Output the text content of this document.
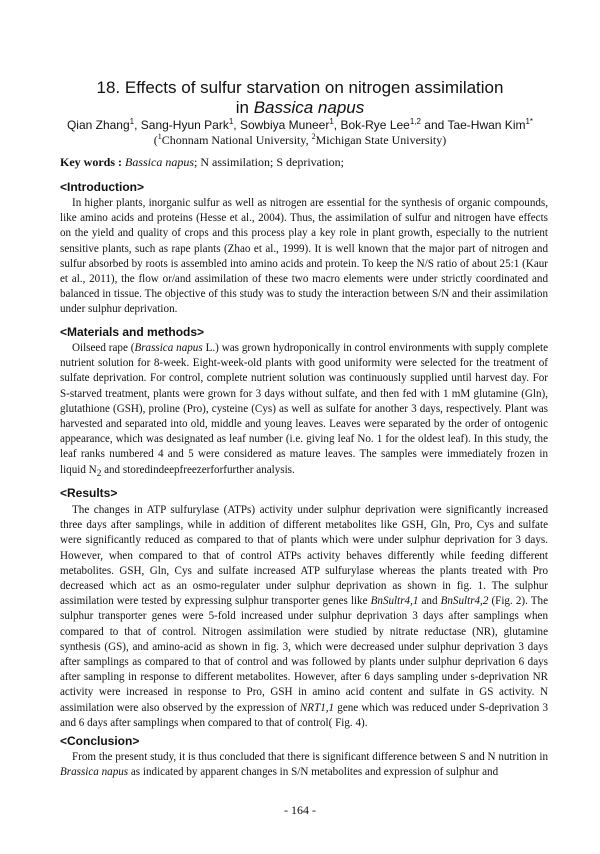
18. Effects of sulfur starvation on nitrogen assimilation
in Bassica napus
Qian Zhang$^1$, Sang-Hyun Park$^1$, Sowbiya Muneer$^1$, Bok-Rye Lee$^{1,2}$ and Tae-Hwan Kim$^{1*}$
($^1$Chonnam National University, $^2$Michigan State University)
Key words : Bassica napus; N assimilation; S deprivation;
<Introduction>

In higher plants, inorganic sulfur as well as nitrogen are essential for the synthesis of organic compounds, like amino acids and proteins (Hesse et al., 2004). Thus, the assimilation of sulfur and nitrogen have effects on the yield and quality of crops and this process play a key role in plant growth, especially to the nutrient sensitive plants, such as rape plants (Zhao et al., 1999). It is well known that the major part of nitrogen and sulfur absorbed by roots is assembled into amino acids and protein. To keep the N/S ratio of about 25:1 (Kaur et al., 2011), the flow or/and assimilation of these two macro elements were under strictly coordinated and balanced in tissue. The objective of this study was to study the interaction between S/N and their assimilation under sulphur deprivation.

<Materials and methods>

Oilseed rape (Brassica napus L.) was grown hydroponically in control environments with supply complete nutrient solution for 8-week. Eight-week-old plants with good uniformity were selected for the treatment of sulfate deprivation. For control, complete nutrient solution was continuously supplied until harvest day. For S-starved treatment, plants were grown for 3 days without sulfate, and then fed with 1 mM glutamine (Gln), glutathione (GSH), proline (Pro), cysteine (Cys) as well as sulfate for another 3 days, respectively. Plant was harvested and separated into old, middle and young leaves. Leaves were separated by the order of ontogenic appearance, which was designated as leaf number (i.e. giving leaf No. 1 for the oldest leaf). In this study, the leaf ranks numbered 4 and 5 were considered as mature leaves. The samples were immediately frozen in liquid $N_2$ and storedindeepfreezerforfurther analysis.

<Results>

The changes in ATP sulfurylase (ATPs) activity under sulphur deprivation were significantly increased three days after samplings, while in addition of different metabolites like GSH, Gln, Pro, Cys and sulfate were significantly reduced as compared to that of plants which were under sulphur deprivation for 3 days. However, when compared to that of control ATPs activity behaves differently while feeding different metabolites. GSH, Gln, Cys and sulfate increased ATP sulfurylase whereas the plants treated with Pro decreased which act as an osmo-regulater under sulphur deprivation as shown in fig. 1. The sulphur assimilation were tested by expressing sulphur transporter genes like BnSultr4,1 and BnSultr4,2 (Fig. 2). The sulphur transporter genes were 5-fold increased under sulphur deprivation 3 days after samplings when compared to that of control. Nitrogen assimilation were studied by nitrate reductase (NR), glutamine synthesis (GS), and amino-acid as shown in fig. 3, which were decreased under sulphur deprivation 3 days after samplings as compared to that of control and was followed by plants under sulphur deprivation 6 days after sampling in response to different metabolites. However, after 6 days sampling under s-deprivation NR activity were increased in response to Pro, GSH in amino acid content and sulfate in GS activity. N assimilation were also observed by the expression of NRT1,1 gene which was reduced under S-deprivation 3 and 6 days after samplings when compared to that of control( Fig. 4).

<Conclusion>

From the present study, it is thus concluded that there is significant difference between S and N nutrition in Brassica napus as indicated by apparent changes in S/N metabolites and expression of sulphur and

- 164 -
